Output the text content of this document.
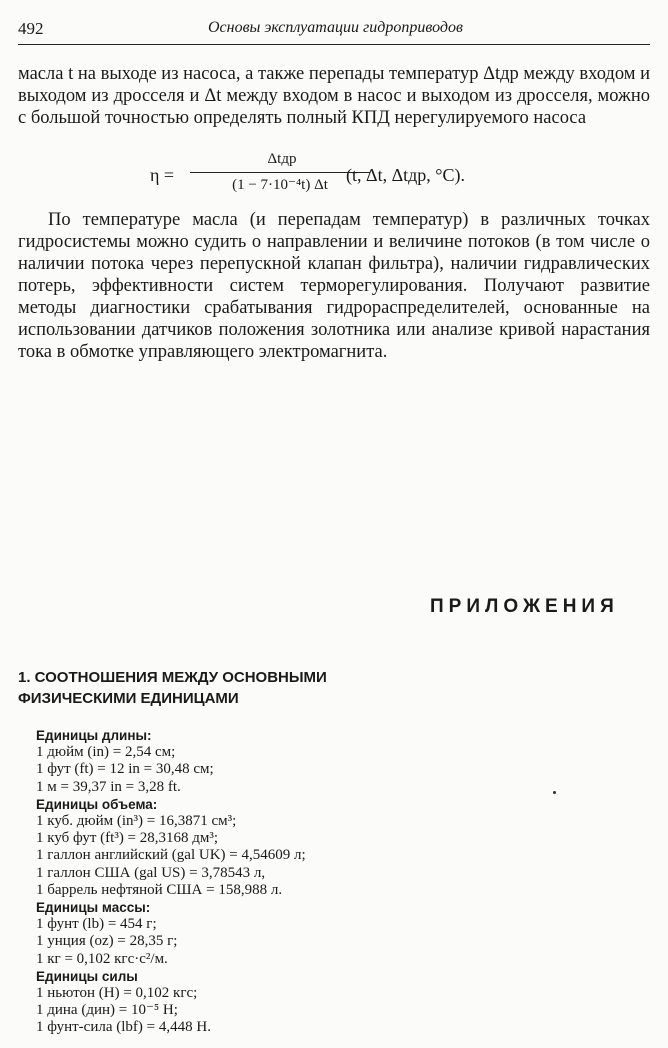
492	Основы эксплуатации гидроприводов

масла t на выходе из насоса, а также перепады температур Δtдр между входом и выходом из дросселя и Δt между входом в насос и выходом из дросселя, можно с большой точностью определять полный КПД нерегулируемого насоса

η =
Δtдр
(1 − 7·10⁻⁴t) Δt	(t, Δt, Δtдр, °С).

По температуре масла (и перепадам температур) в различных точках гидросистемы можно судить о направлении и величине потоков (в том числе о наличии потока через перепускной клапан фильтра), наличии гидравлических потерь, эффективности систем терморегулирования. Получают развитие методы диагностики срабатывания гидрораспределителей, основанные на использовании датчиков положения золотника или анализе кривой нарастания тока в обмотке управляющего электромагнита.

ПРИЛОЖЕНИЯ
1. СООТНОШЕНИЯ МЕЖДУ ОСНОВНЫМИ ФИЗИЧЕСКИМИ ЕДИНИЦАМИ
Единицы длины:
1 дюйм (in) = 2,54 см;
1 фут (ft) = 12 in = 30,48 см;
1 м = 39,37 in = 3,28 ft.
Единицы объема:
1 куб. дюйм (in³) = 16,3871 см³;
1 куб фут (ft³) = 28,3168 дм³;
1 галлон английский (gal UK) = 4,54609 л;
1 галлон США (gal US) = 3,78543 л,
1 баррель нефтяной США = 158,988 л.
Единицы массы:
1 фунт (lb) = 454 г;
1 унция (oz) = 28,35 г;
1 кг = 0,102 кгс·с²/м.
Единицы силы
1 ньютон (Н) = 0,102 кгс;
1 дина (дин) = 10⁻⁵ Н;
1 фунт-сила (lbf) = 4,448 Н.
